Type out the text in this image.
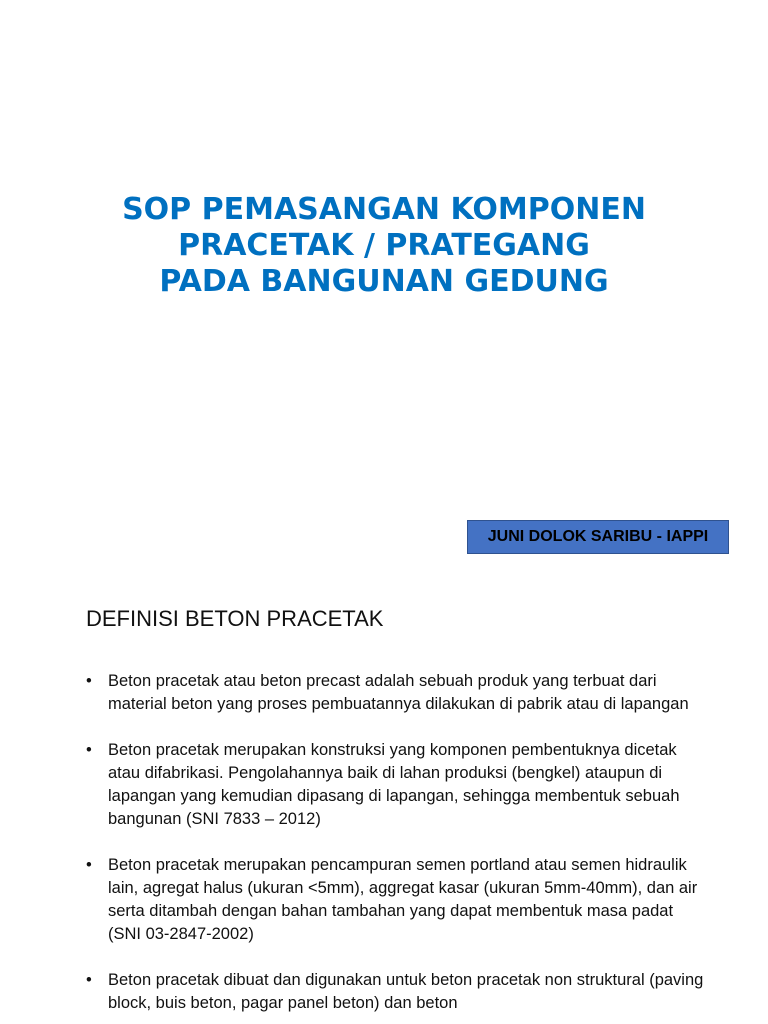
SOP PEMASANGAN KOMPONEN
PRACETAK / PRATEGANG
PADA BANGUNAN GEDUNG
JUNI DOLOK SARIBU - IAPPI
DEFINISI BETON PRACETAK
• Beton pracetak atau beton precast adalah sebuah produk yang terbuat dari material beton yang proses pembuatannya dilakukan di pabrik atau di lapangan
• Beton pracetak merupakan konstruksi yang komponen pembentuknya dicetak atau difabrikasi. Pengolahannya baik di lahan produksi (bengkel) ataupun di lapangan yang kemudian dipasang di lapangan, sehingga membentuk sebuah bangunan (SNI 7833 – 2012)
• Beton pracetak merupakan pencampuran semen portland atau semen hidraulik lain, agregat halus (ukuran <5mm), aggregat kasar (ukuran 5mm-40mm), dan air serta ditambah dengan bahan tambahan yang dapat membentuk masa padat (SNI 03-2847-2002)
• Beton pracetak dibuat dan digunakan untuk beton pracetak non struktural (paving block, buis beton, pagar panel beton) dan beton
